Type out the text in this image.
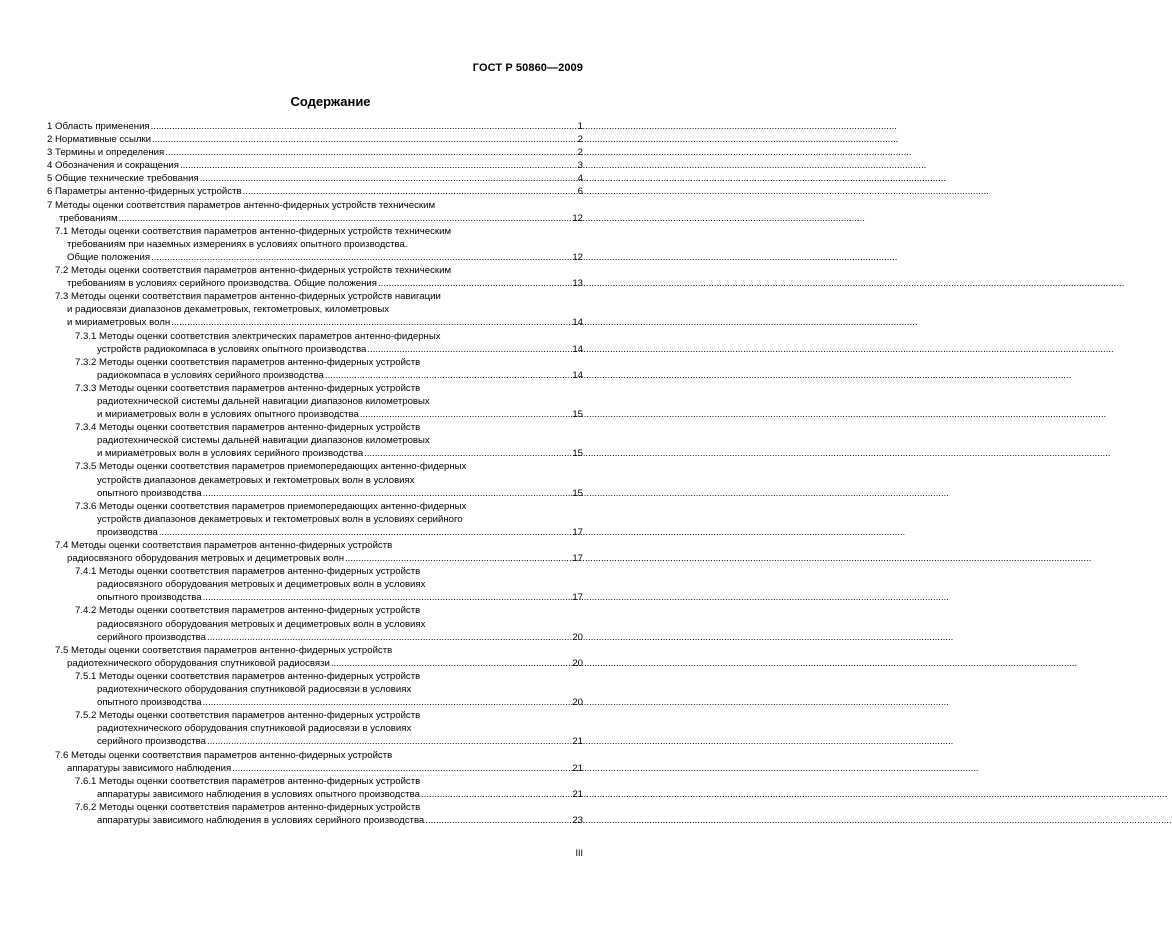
ГОСТ Р 50860—2009
Содержание
1 Область применения .....	1
2 Нормативные ссылки .....	2
3 Термины и определения .....	2
4 Обозначения и сокращения .....	3
5 Общие технические требования .....	4
6 Параметры антенно-фидерных устройств .....	6
7 Методы оценки соответствия параметров антенно-фидерных устройств техническим
требованиям .....	12
7.1 Методы оценки соответствия параметров антенно-фидерных устройств техническим
требованиям при наземных измерениях в условиях опытного производства.
Общие положения .....	12
7.2 Методы оценки соответствия параметров антенно-фидерных устройств техническим
требованиям в условиях серийного производства. Общие положения .....	13
7.3 Методы оценки соответствия параметров антенно-фидерных устройств навигации
и радиосвязи диапазонов декаметровых, гектометровых, километровых
и мириаметровых волн .....	14
7.3.1 Методы оценки соответствия электрических параметров антенно-фидерных
устройств радиокомпаса в условиях опытного производства .....	14
7.3.2 Методы оценки соответствия параметров антенно-фидерных устройств
радиокомпаса в условиях серийного производства .....	14
7.3.3 Методы оценки соответствия параметров антенно-фидерных устройств
радиотехнической системы дальней навигации диапазонов километровых
и мириаметровых волн в условиях опытного производства .....	15
7.3.4 Методы оценки соответствия параметров антенно-фидерных устройств
радиотехнической системы дальней навигации диапазонов километровых
и мириаметровых волн в условиях серийного производства .....	15
7.3.5 Методы оценки соответствия параметров приемопередающих антенно-фидерных
устройств диапазонов декаметровых и гектометровых волн в условиях
опытного производства .....	15
7.3.6 Методы оценки соответствия параметров приемопередающих антенно-фидерных
устройств диапазонов декаметровых и гектометровых волн в условиях серийного
производства .....	17
7.4 Методы оценки соответствия параметров антенно-фидерных устройств
радиосвязного оборудования метровых и дециметровых волн .....	17
7.4.1 Методы оценки соответствия параметров антенно-фидерных устройств
радиосвязного оборудования метровых и дециметровых волн в условиях
опытного производства .....	17
7.4.2 Методы оценки соответствия параметров антенно-фидерных устройств
радиосвязного оборудования метровых и дециметровых волн в условиях
серийного производства .....	20
7.5 Методы оценки соответствия параметров антенно-фидерных устройств
радиотехнического оборудования спутниковой радиосвязи .....	20
7.5.1 Методы оценки соответствия параметров антенно-фидерных устройств
радиотехнического оборудования спутниковой радиосвязи в условиях
опытного производства .....	20
7.5.2 Методы оценки соответствия параметров антенно-фидерных устройств
радиотехнического оборудования спутниковой радиосвязи в условиях
серийного производства .....	21
7.6 Методы оценки соответствия параметров антенно-фидерных устройств
аппаратуры зависимого наблюдения .....	21
7.6.1 Методы оценки соответствия параметров антенно-фидерных устройств
аппаратуры зависимого наблюдения в условиях опытного производства .....	21
7.6.2 Методы оценки соответствия параметров антенно-фидерных устройств
аппаратуры зависимого наблюдения в условиях серийного производства .....	23
III
